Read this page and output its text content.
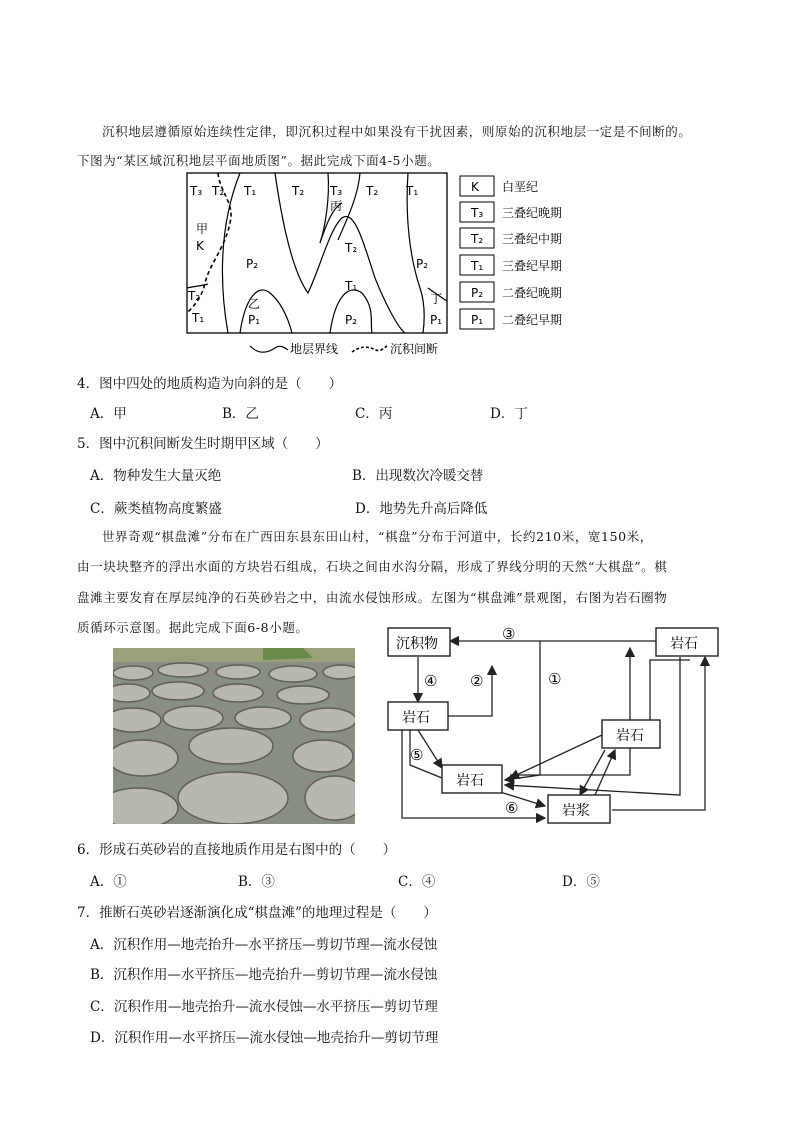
沉积地层遵循原始连续性定律，即沉积过程中如果没有干扰因素，则原始的沉积地层一定是不间断的。
下图为“某区域沉积地层平面地质图”。据此完成下面4-5小题。
T₃ T₂ T₁	T₂ T₃
丙
T₂ T₁
甲
K
P₂
T₂
P₂
T₂
T₁
乙
P₁	P₂
丁
P₁
T₁
K 白垩纪
T₃ 三叠纪晚期
T₂ 三叠纪中期
T₁ 三叠纪早期
P₂ 二叠纪晚期
P₁ 二叠纪早期
地层界线	沉积间断
4．图中四处的地质构造为向斜的是（　　）
A．甲	B．乙	C．丙	D．丁
5．图中沉积间断发生时期甲区域（　　）
A．物种发生大量灭绝	B．出现数次冷暖交替
C．蕨类植物高度繁盛	D．地势先升高后降低
世界奇观“棋盘滩”分布在广西田东县东田山村，“棋盘”分布于河道中，长约210米，宽150米，
由一块块整齐的浮出水面的方块岩石组成，石块之间由水沟分隔，形成了界线分明的天然“大棋盘”。棋
盘滩主要发育在厚层纯净的石英砂岩之中，由流水侵蚀形成。左图为“棋盘滩”景观图，右图为岩石圈物
质循环示意图。据此完成下面6-8小题。
沉积物	岩石
岩石
岩石
岩石
岩浆
①
②
③
④
⑤
⑥
6．形成石英砂岩的直接地质作用是右图中的（　　）
A．①	B．③	C．④	D．⑤
7．推断石英砂岩逐渐演化成“棋盘滩”的地理过程是（　　）
A．沉积作用—地壳抬升—水平挤压—剪切节理—流水侵蚀
B．沉积作用—水平挤压—地壳抬升—剪切节理—流水侵蚀
C．沉积作用—地壳抬升—流水侵蚀—水平挤压—剪切节理
D．沉积作用—水平挤压—流水侵蚀—地壳抬升—剪切节理
